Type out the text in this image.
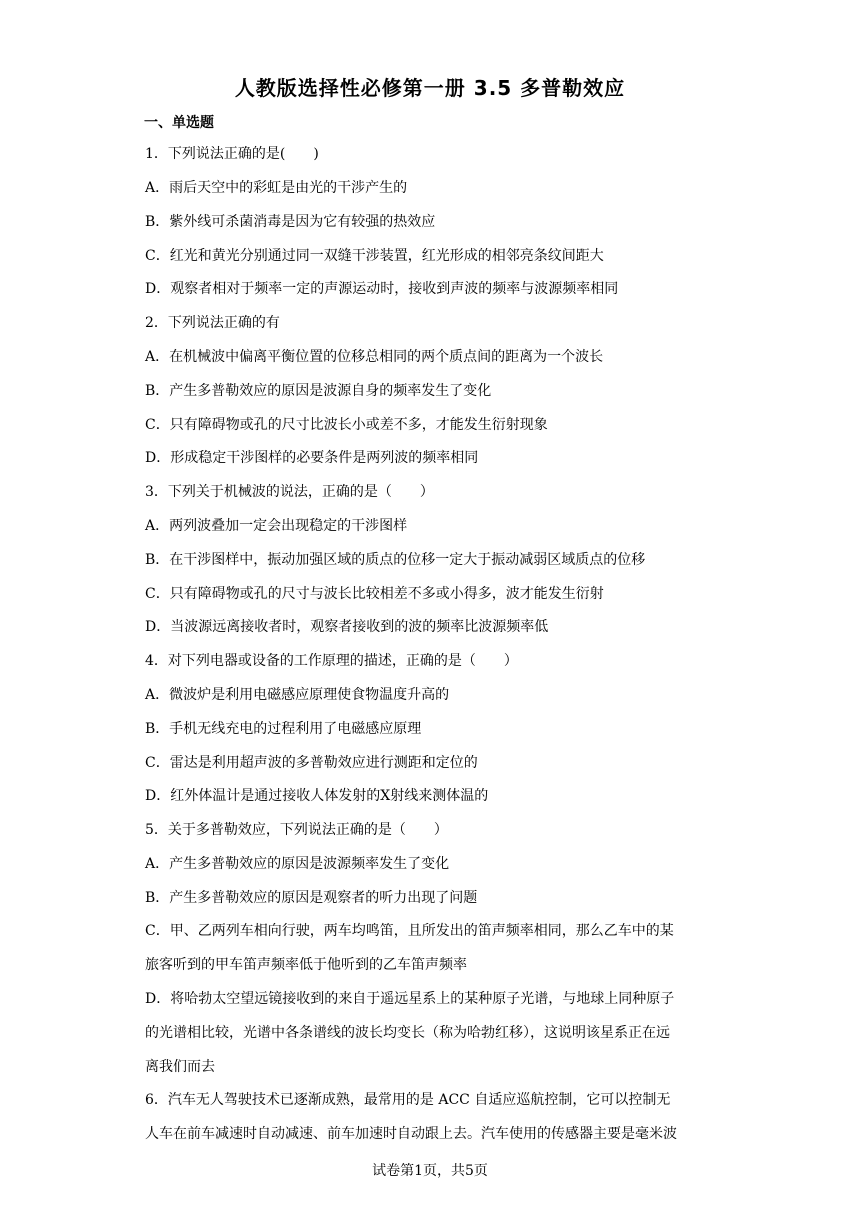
人教版选择性必修第一册 3.5 多普勒效应
一、单选题
1．下列说法正确的是(　　)
A．雨后天空中的彩虹是由光的干涉产生的
B．紫外线可杀菌消毒是因为它有较强的热效应
C．红光和黄光分别通过同一双缝干涉装置，红光形成的相邻亮条纹间距大
D．观察者相对于频率一定的声源运动时，接收到声波的频率与波源频率相同
2．下列说法正确的有
A．在机械波中偏离平衡位置的位移总相同的两个质点间的距离为一个波长
B．产生多普勒效应的原因是波源自身的频率发生了变化
C．只有障碍物或孔的尺寸比波长小或差不多，才能发生衍射现象
D．形成稳定干涉图样的必要条件是两列波的频率相同
3．下列关于机械波的说法，正确的是（　　）
A．两列波叠加一定会出现稳定的干涉图样
B．在干涉图样中，振动加强区域的质点的位移一定大于振动减弱区域质点的位移
C．只有障碍物或孔的尺寸与波长比较相差不多或小得多，波才能发生衍射
D．当波源远离接收者时，观察者接收到的波的频率比波源频率低
4．对下列电器或设备的工作原理的描述，正确的是（　　）
A．微波炉是利用电磁感应原理使食物温度升高的
B．手机无线充电的过程利用了电磁感应原理
C．雷达是利用超声波的多普勒效应进行测距和定位的
D．红外体温计是通过接收人体发射的X射线来测体温的
5．关于多普勒效应，下列说法正确的是（　　）
A．产生多普勒效应的原因是波源频率发生了变化
B．产生多普勒效应的原因是观察者的听力出现了问题
C．甲、乙两列车相向行驶，两车均鸣笛，且所发出的笛声频率相同，那么乙车中的某
旅客听到的甲车笛声频率低于他听到的乙车笛声频率
D．将哈勃太空望远镜接收到的来自于遥远星系上的某种原子光谱，与地球上同种原子
的光谱相比较，光谱中各条谱线的波长均变长（称为哈勃红移），这说明该星系正在远
离我们而去
6．汽车无人驾驶技术已逐渐成熟，最常用的是 ACC 自适应巡航控制，它可以控制无
人车在前车减速时自动减速、前车加速时自动跟上去。汽车使用的传感器主要是毫米波
试卷第1页，共5页
